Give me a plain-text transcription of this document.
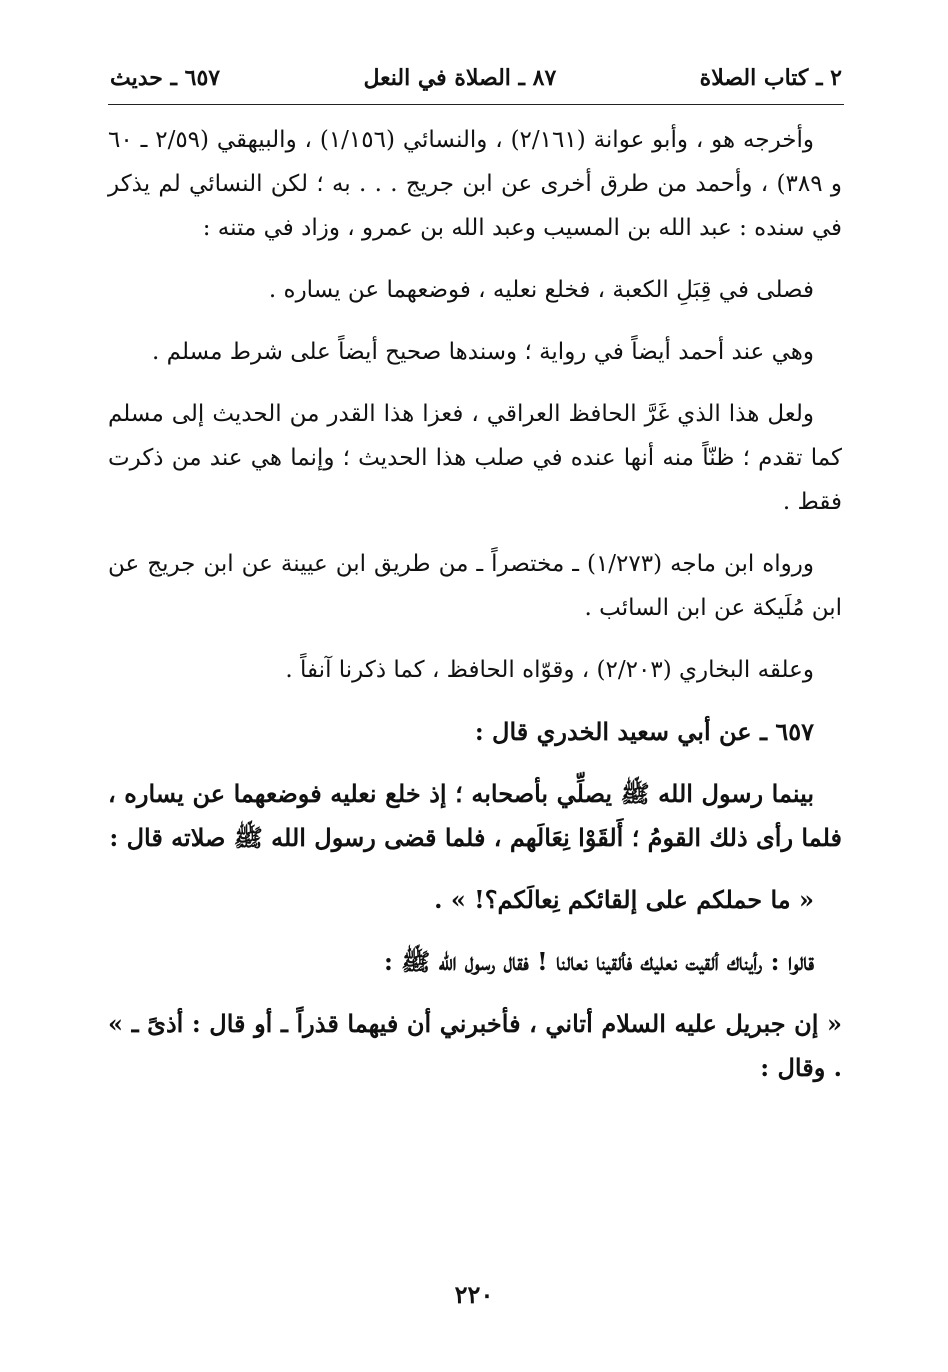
٢ ـ كتاب الصلاة
٨٧ ـ الصلاة في النعل
٦٥٧ ـ حديث

وأخرجه هو ، وأبو عوانة (٢/١٦١) ، والنسائي (١/١٥٦) ، والبيهقي (٢/٥٩ ـ ٦٠ و ٣٨٩) ، وأحمد من طرق أخرى عن ابن جريج . . . به ؛ لكن النسائي لم يذكر في سنده : عبد الله بن المسيب وعبد الله بن عمرو ، وزاد في متنه :

فصلى في قِبَلِ الكعبة ، فخلع نعليه ، فوضعهما عن يساره .

وهي عند أحمد أيضاً في رواية ؛ وسندها صحيح أيضاً على شرط مسلم .

ولعل هذا الذي غَرَّ الحافظ العراقي ، فعزا هذا القدر من الحديث إلى مسلم كما تقدم ؛ ظنّاً منه أنها عنده في صلب هذا الحديث ؛ وإنما هي عند من ذكرت فقط .

ورواه ابن ماجه (١/٢٧٣) ـ مختصراً ـ من طريق ابن عيينة عن ابن جريج عن ابن مُلَيكة عن ابن السائب .

وعلقه البخاري (٢/٢٠٣) ، وقوّاه الحافظ ، كما ذكرنا آنفاً .

٦٥٧ ـ عن أبي سعيد الخدري قال :

بينما رسول الله ﷺ يصلِّي بأصحابه ؛ إذ خلع نعليه فوضعهما عن يساره ، فلما رأى ذلك القومُ ؛ أَلقَوْا نِعَالَهم ، فلما قضى رسول الله ﷺ صلاته قال :

« ما حملكم على إلقائكم نِعالَكم؟! » .

قالوا : رأيناك ألقيت نعليك فألقينا نعالنا ! فقال رسول الله ﷺ :

« إن جبريل عليه السلام أتاني ، فأخبرني أن فيهما قذراً ـ أو قال : أذىً ـ » . وقال :

٢٢٠
